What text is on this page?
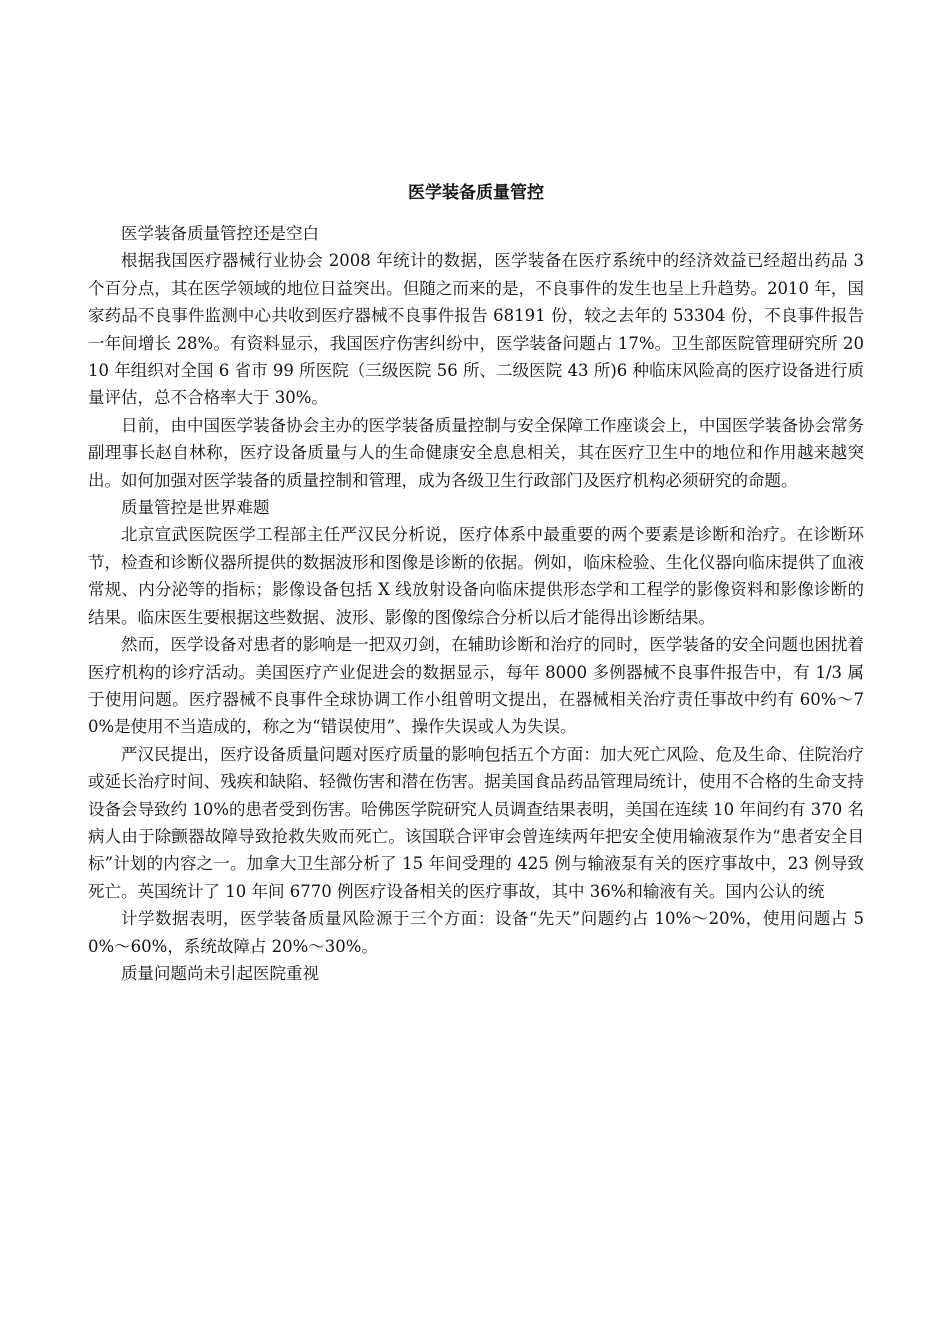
医学装备质量管控

医学装备质量管控还是空白

根据我国医疗器械行业协会 2008 年统计的数据，医学装备在医疗系统中的经济效益已经超出药品 3 个百分点，其在医学领域的地位日益突出。但随之而来的是，不良事件的发生也呈上升趋势。2010 年，国家药品不良事件监测中心共收到医疗器械不良事件报告 68191 份，较之去年的 53304 份，不良事件报告一年间增长 28%。有资料显示，我国医疗伤害纠纷中，医学装备问题占 17%。卫生部医院管理研究所 2010 年组织对全国 6 省市 99 所医院（三级医院 56 所、二级医院 43 所)6 种临床风险高的医疗设备进行质量评估，总不合格率大于 30%。

日前，由中国医学装备协会主办的医学装备质量控制与安全保障工作座谈会上，中国医学装备协会常务副理事长赵自林称，医疗设备质量与人的生命健康安全息息相关，其在医疗卫生中的地位和作用越来越突出。如何加强对医学装备的质量控制和管理，成为各级卫生行政部门及医疗机构必须研究的命题。

质量管控是世界难题

北京宣武医院医学工程部主任严汉民分析说，医疗体系中最重要的两个要素是诊断和治疗。在诊断环节，检查和诊断仪器所提供的数据波形和图像是诊断的依据。例如，临床检验、生化仪器向临床提供了血液常规、内分泌等的指标；影像设备包括 X 线放射设备向临床提供形态学和工程学的影像资料和影像诊断的结果。临床医生要根据这些数据、波形、影像的图像综合分析以后才能得出诊断结果。

然而，医学设备对患者的影响是一把双刃剑，在辅助诊断和治疗的同时，医学装备的安全问题也困扰着医疗机构的诊疗活动。美国医疗产业促进会的数据显示，每年 8000 多例器械不良事件报告中，有 1/3 属于使用问题。医疗器械不良事件全球协调工作小组曾明文提出，在器械相关治疗责任事故中约有 60%～70%是使用不当造成的，称之为“错误使用”、操作失误或人为失误。

严汉民提出，医疗设备质量问题对医疗质量的影响包括五个方面：加大死亡风险、危及生命、住院治疗或延长治疗时间、残疾和缺陷、轻微伤害和潜在伤害。据美国食品药品管理局统计，使用不合格的生命支持设备会导致约 10%的患者受到伤害。哈佛医学院研究人员调查结果表明，美国在连续 10 年间约有 370 名病人由于除颤器故障导致抢救失败而死亡。该国联合评审会曾连续两年把安全使用输液泵作为“患者安全目标”计划的内容之一。加拿大卫生部分析了 15 年间受理的 425 例与输液泵有关的医疗事故中，23 例导致死亡。英国统计了 10 年间 6770 例医疗设备相关的医疗事故，其中 36%和输液有关。国内公认的统

计学数据表明，医学装备质量风险源于三个方面：设备“先天”问题约占 10%～20%，使用问题占 50%～60%，系统故障占 20%～30%。

质量问题尚未引起医院重视
